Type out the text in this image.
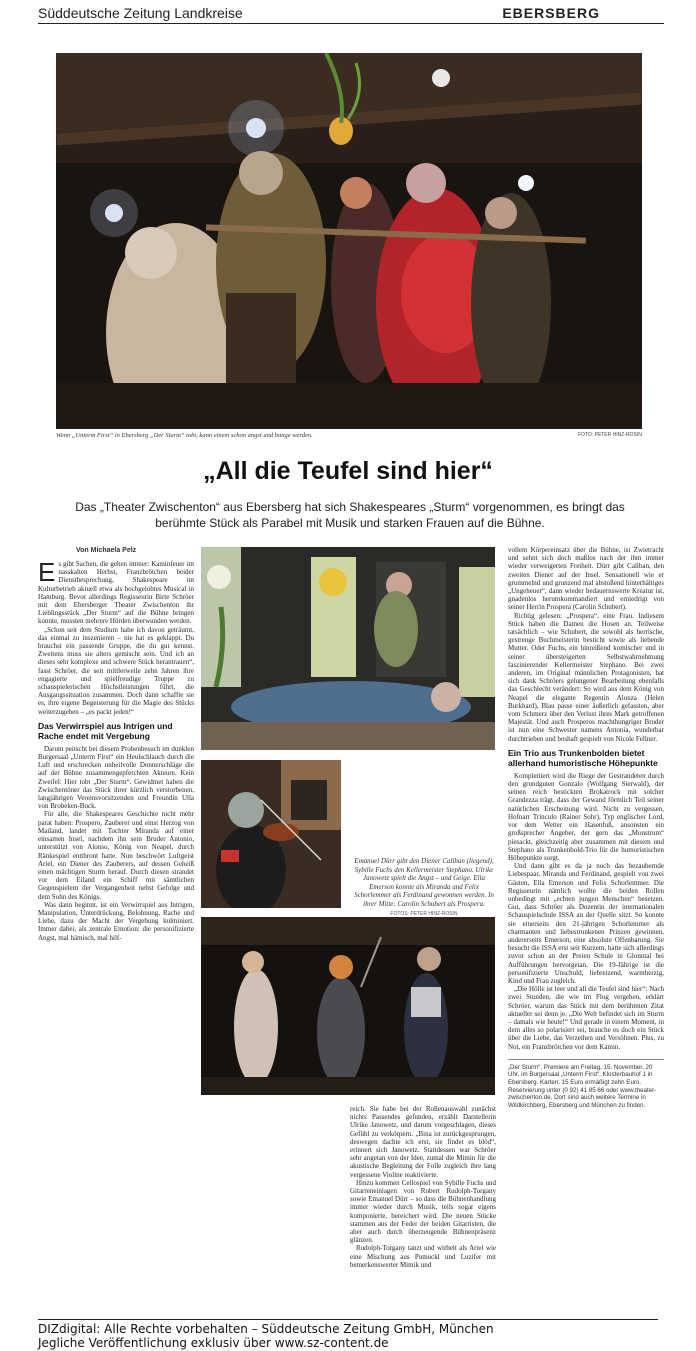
Süddeutsche Zeitung Landkreise	EBERSBERG
Wenn „Unterm First“ in Ebersberg „Der Sturm“ tobt, kann einem schon angst und bange werden.	FOTO: PETER HINZ-ROSIN
„All die Teufel sind hier“
Das „Theater Zwischenton“ aus Ebersberg hat sich Shakespeares „Sturm“ vorgenommen, es bringt das berühmte Stück als Parabel mit Musik und starken Frauen auf die Bühne.
Von Michaela Pelz

Es gibt Sachen, die gehen immer: Kaminfeuer im nasskalten Herbst, Franzbrötchen beider Dienstbesprechung, Shakespeare im Kulturbetrieb aktuell etwa als hochgelobtes Musical in Hamburg. Bevor allerdings Regisseurin Birte Schröer mit dem Ebersberger Theater Zwischenton ihr Lieblingsstück „Der Sturm“ auf die Bühne bringen konnte, mussten mehrere Hürden überwunden werden.

„Schon seit dem Studium habe ich davon geträumt, das einmal zu inszenieren – nie hat es geklappt. Du brauchst ein passende Gruppe, die du gut kennst. Zweitens muss sie alters gemischt sein. Und ich an dieses sehr komplexe und schwere Stück herantrauen“, fasst Schröer, die seit mittlerweile zehn Jahren ihre engagierte und spielfreudige Truppe zu schauspielerischen Höchstleistungen führt, die Ausgangssituation zusammen. Doch dann schaffte sie es, ihre eigene Begeisterung für die Magie des Stücks weiterzugeben – „es packt jeden!“

Das Verwirrspiel aus Intrigen und Rache endet mit Vergebung

Darum peitscht bei diesem Probenbesuch im dunklen Burgersaal „Unterm First“ ein Heulschlauch durch die Luft und erschrecken unheilvolle Donnerschläge die auf der Bühne zusammengepferchten Akteure. Kein Zweifel: Hier tobt „Der Sturm“. Gewidmet haben die Zwischentöner das Stück ihrer kürzlich verstorbenen, langjährigen Vereinsvorsitzenden und Freundin Ulla von Brobeken-Bock.

Für alle, die Shakespeares Geschichte nicht mehr parat haben: Prospero, Zauberer und einst Herzog von Mailand, landet mit Tochter Miranda auf einer einsamen Insel, nachdem ihn sein Bruder Antonio, unterstützt von Alonso, König von Neapel, durch Ränkespiel entthront hatte. Nun beschwört Luftgeist Ariel, ein Diener des Zauberers, auf dessen Geheiß einen mächtigen Sturm herauf. Durch diesen strandet vor dem Eiland ein Schiff mit sämtlichen Gegenspielern der Vergangenheit nebst Gefolge und dem Sohn des Königs.

Was dann beginnt, ist ein Verwirrspiel aus Intrigen, Manipulation, Unterdrückung, Belohnung, Rache und Liebe, dazu der Macht der Vergebung kulminiert. Immer dabei, als zentrale Emotion: die personifizierte Angst, mal hämisch, mal hilf-

Emanuel Dürr gibt den Diener Caliban (liegend), Sybille Fuchs den Kellermeister Stephano. Ulrike Janowetz spielt die Angst – und Geige. Ella Emerson konnte als Miranda und Felix Schorlemmer als Ferdinand gewonnen werden. In ihrer Mitte: Carolin Schubert als Prospera.
FOTOS: PETER HINZ-ROSIN

reich. Sie habe bei der Rollenauswahl zunächst nichts Passendes gefunden, erzählt Darstellerin Ulrike Janowetz, und darum vorgeschlagen, dieses Gefühl zu verkörpern. „Bina ist zurückgesprungen, deswegen dachte ich erst, sie findet es blöd“, erinnert sich Janowetz. Stattdessen war Schröer sehr angetan von der Idee, zumal die Mimin für die akustische Begleitung der Folle zugleich ihre lang vergessene Violine reaktivierte.

Hinzu kommen Cellospiel von Sybille Fuchs und Gitarreneinlagen von Robert Rudolph-Torgany sowie Emanuel Dürr – so dass die Bühnenhandlung immer wieder durch Musik, teils sogar eigens komponierte, bereichert wird. Die neuen Stücke stammen aus der Feder der beiden Gitarristen, die aber auch durch überzeugende Bühnenpräsenz glänzen.

Rudolph-Torgany tanzt und wirbelt als Ariel wie eine Mischung aus Pumuckl und Luzifer mit bemerkenswerter Mimik und

vollem Körpereinsatz über die Bühne, ist Zwietracht und sehnt sich doch maßlos nach der ihm immer wieder verweigerten Freiheit. Dürr gibt Caliban, den zweiten Diener auf der Insel. Sensationell wie er grummelnd und grunzend mal abstoßend hinterhältiges „Ungeheuer“, dann wieder bedauernswerte Kreatur ist, gnadenlos herumkommandiert und erniedrigt von seiner Herrin Prospera (Carolin Schubert).

Richtig gelesen: „Prospera“, eine Frau. Indiesem Stück haben die Damen die Hosen an. Teilweise tatsächlich – wie Schubert, die sowohl als herrische, gestrenge Buchmeisterin besticht sowie als liebende Mutter. Oder Fuchs, ein hinreißend komischer und in seiner übersteigerten Selbstwahrnehmung faszinierender Kellermeister Stephano. Bei zwei anderen, im Original männlichen Protagonisten, hat sich dank Schröers gelungener Bearbeitung ebenfalls das Geschlecht verändert: So wird aus dem König von Neapel die elegante Regentin Alonza (Helen Burkhard), Blau passe einer äußerlich gefassten, aber vom Schmerz über den Verlust ihres Mark getroffenen Majestät. Und auch Prosperos machthungriger Bruder ist nun eine Schwester namens Antonia, wunderbar durchtrieben und boshaft gespielt von Nicole Fellner.

Ein Trio aus Trunkenbolden bietet allerhand humoristische Höhepunkte

Komplettiert wird die Riege der Gestrandeten durch den grundguten Gonzalo (Wolfgang Sierwald), der seinen reich bestickten Brokatrock mit solcher Grandezza trägt, dass der Gewand förmlich Teil seiner natürlichen Erscheinung wird. Nicht zu vergessen, Hofnarr Trinculo (Rainer Sohr), Typ englischer Lord, vor dem Wetter ein Hasenfuß, ansonsten ein großsprecher Angeber, der gern das „Monstrum“ piesackt, gleichzeitig aber zusammen mit diesem und Stephano als Trunkenbold-Trio für die humoristischen Höhepunkte sorgt.

Und dann gibt es da ja noch das bezaubernde Liebespaar, Miranda und Ferdinand, gespielt von zwei Gästen, Ella Emerson und Felix Schorlemmer. Die Regisseurin nämlich wollte die beiden Rollen unbedingt mit „echten jungen Menschen“ besetzen. Gut, dass Schröer als Dozentin der internationalen Schauspielschule ISSA an der Quelle sitzt. So konnte sie einerseits den 21-jährigen Schorlemmer als charmanten und liebestrunkenen Prinzen gewinnen, andererseits Emerson, eine absolute Offenbarung. Sie besucht die ISSA erst seit Kurzem, hatte sich allerdings zuvor schon an der Preien Schule in Glonntal bei Aufführungen hervorgetan. Die 19-Jährige ist die personifizierte Unschuld, liebreizend, warmherzig, Kind und Frau zugleich.

„Die Hölle ist leer und all die Teufel sind hier“: Nach zwei Stunden, die wie im Flug vergehen, erklärt Schröer, warum das Stück mit dem berühmten Zitat aktueller sei denn je. „Die Welt befindet sich im Sturm – damals wie heute!“ Und gerade in einem Moment, in dem alles so polarisiert sei, brauche es doch ein Stück über die Liebe, das Verzeihen und Versöhnen. Plus, zu Not, ein Franzbrötchen vor dem Kamin.

„Der Sturm“, Premiere am Freitag, 15. November, 20 Uhr, im Burgersaal „Unterm First“, Klosterbauhof 1 in Ebersberg. Karten: 15 Euro ermäßigt zehn Euro. Reservierung unter (0 92) 41 85 66 oder www.theater-zwischenton.de. Dort sind auch weitere Termine in Wildkirchberg, Ebersberg und München zu finden.
DIZdigital: Alle Rechte vorbehalten – Süddeutsche Zeitung GmbH, München
Jegliche Veröffentlichung exklusiv über www.sz-content.de
